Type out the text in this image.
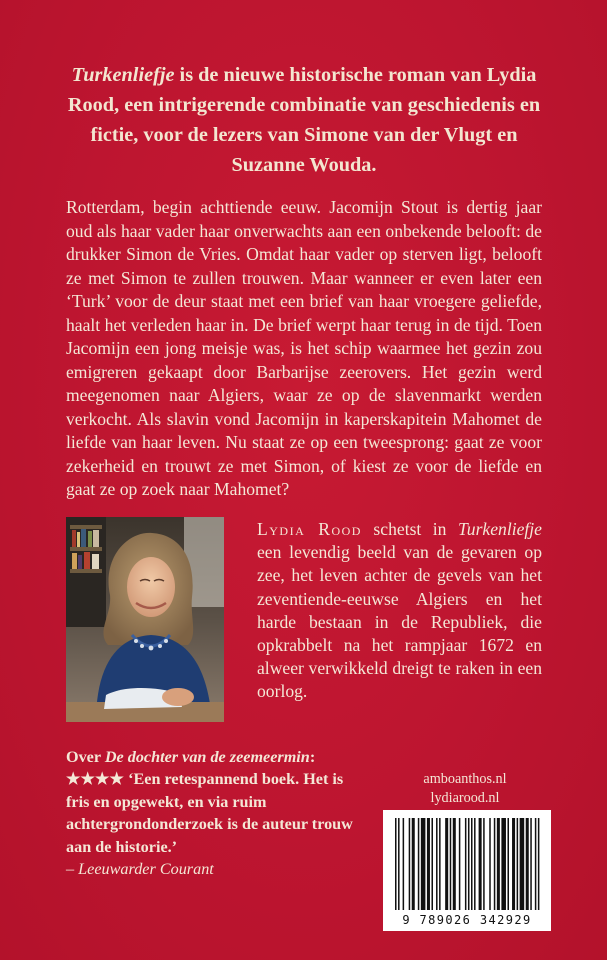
Turkenliefje is de nieuwe historische roman van Lydia Rood, een intrigerende combinatie van geschiedenis en fictie, voor de lezers van Simone van der Vlugt en Suzanne Wouda.
Rotterdam, begin achttiende eeuw. Jacomijn Stout is dertig jaar oud als haar vader haar onverwachts aan een onbekende belooft: de drukker Simon de Vries. Omdat haar vader op sterven ligt, belooft ze met Simon te zullen trouwen. Maar wanneer er even later een ‘Turk’ voor de deur staat met een brief van haar vroegere geliefde, haalt het verleden haar in. De brief werpt haar terug in de tijd. Toen Jacomijn een jong meisje was, is het schip waarmee het gezin zou emigreren gekaapt door Barbarijse zeerovers. Het gezin werd meegenomen naar Algiers, waar ze op de slavenmarkt werden verkocht. Als slavin vond Jacomijn in kaperskapitein Mahomet de liefde van haar leven. Nu staat ze op een tweesprong: gaat ze voor zekerheid en trouwt ze met Simon, of kiest ze voor de liefde en gaat ze op zoek naar Mahomet?
Lydia Rood schetst in Turkenliefje een levendig beeld van de gevaren op zee, het leven achter de gevels van het zeventiende-eeuwse Algiers en het harde bestaan in de Republiek, die opkrabbelt na het rampjaar 1672 en alweer verwikkeld dreigt te raken in een oorlog.
Over De dochter van de zeemeermin:
★★★★ ‘Een retespannend boek. Het is fris en opgewekt, en via ruim achtergrondonderzoek is de auteur trouw aan de historie.’
– Leeuwarder Courant
amboanthos.nl
lydiarood.nl
9 789026 342929
